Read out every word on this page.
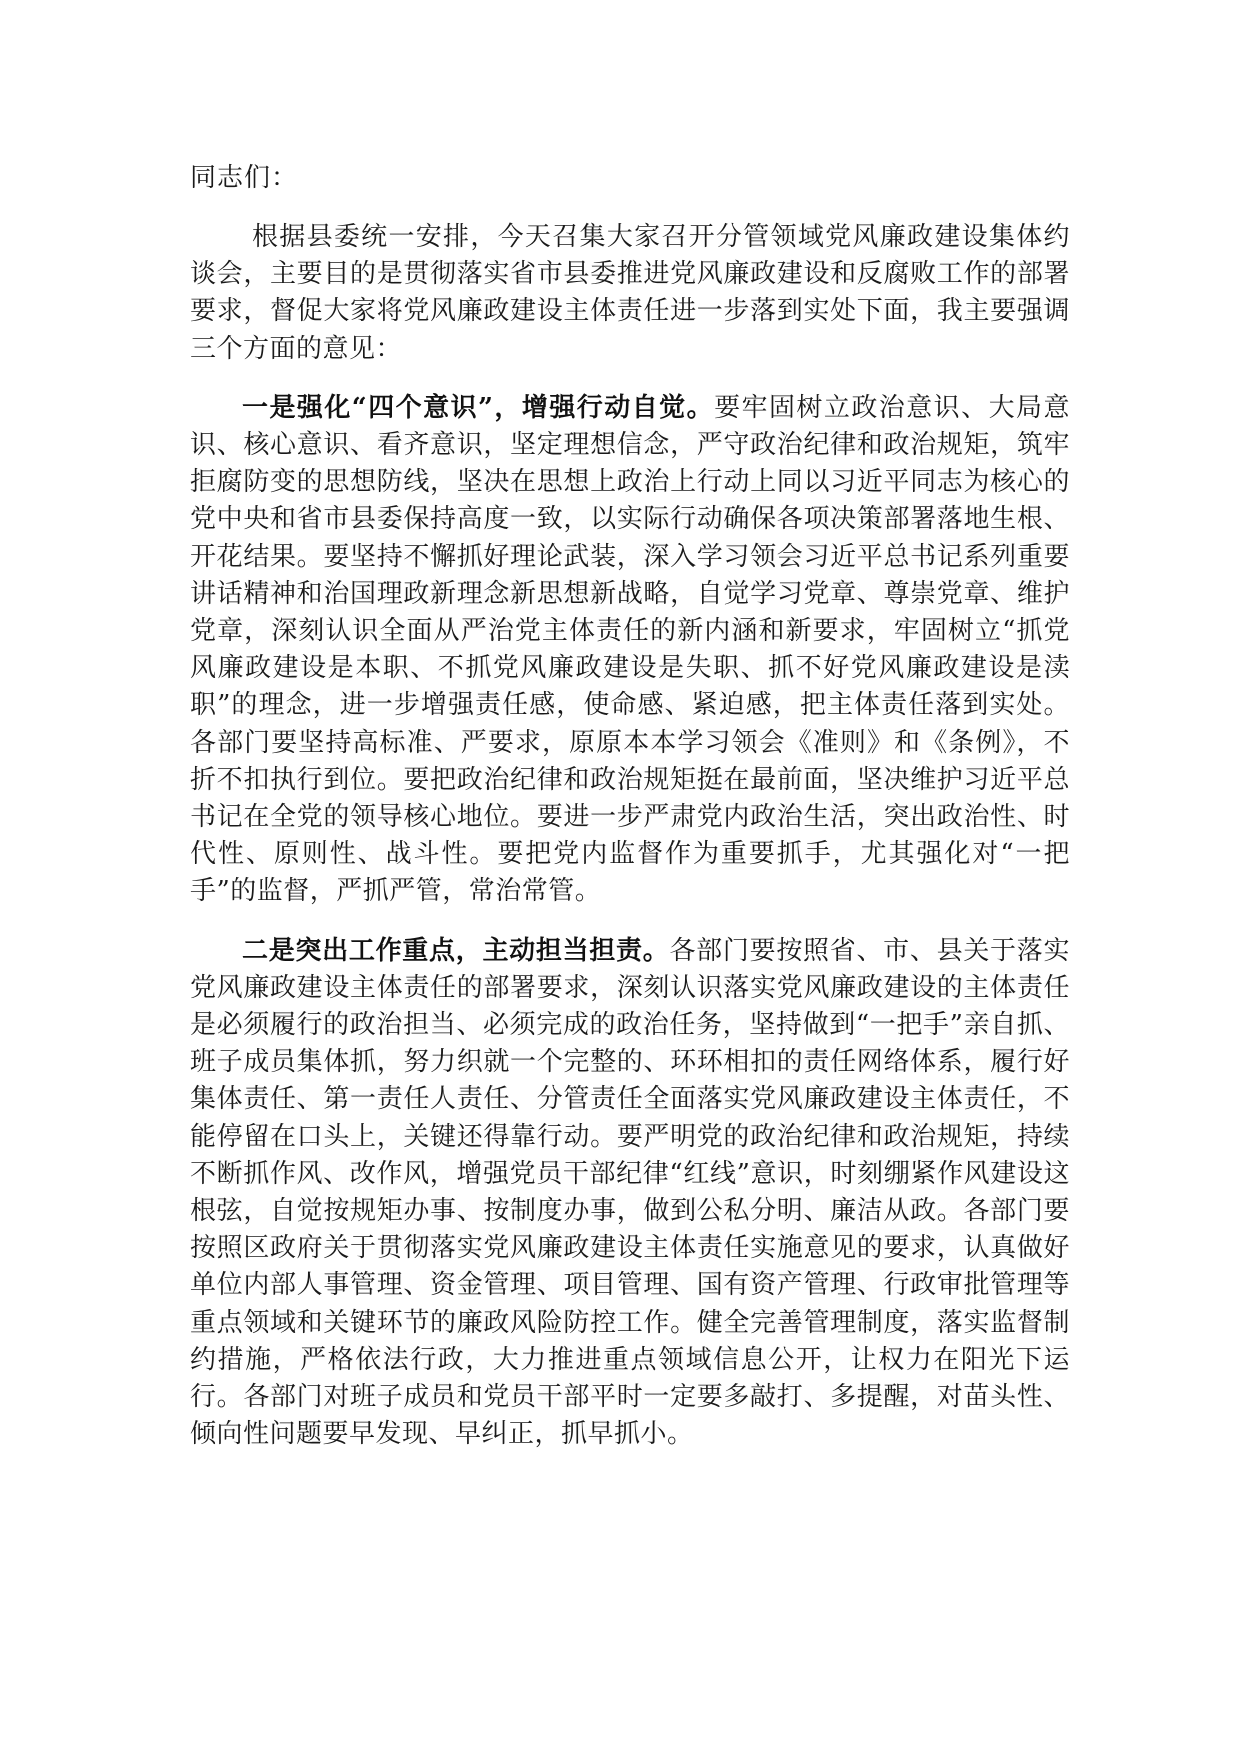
同志们：

根据县委统一安排，今天召集大家召开分管领域党风廉政建设集体约谈会，主要目的是贯彻落实省市县委推进党风廉政建设和反腐败工作的部署要求，督促大家将党风廉政建设主体责任进一步落到实处下面，我主要强调三个方面的意见：

一是强化“四个意识”，增强行动自觉。要牢固树立政治意识、大局意识、核心意识、看齐意识，坚定理想信念，严守政治纪律和政治规矩，筑牢拒腐防变的思想防线，坚决在思想上政治上行动上同以习近平同志为核心的党中央和省市县委保持高度一致，以实际行动确保各项决策部署落地生根、开花结果。要坚持不懈抓好理论武装，深入学习领会习近平总书记系列重要讲话精神和治国理政新理念新思想新战略，自觉学习党章、尊崇党章、维护党章，深刻认识全面从严治党主体责任的新内涵和新要求，牢固树立“抓党风廉政建设是本职、不抓党风廉政建设是失职、抓不好党风廉政建设是渎职”的理念，进一步增强责任感，使命感、紧迫感，把主体责任落到实处。各部门要坚持高标准、严要求，原原本本学习领会《准则》和《条例》，不折不扣执行到位。要把政治纪律和政治规矩挺在最前面，坚决维护习近平总书记在全党的领导核心地位。要进一步严肃党内政治生活，突出政治性、时代性、原则性、战斗性。要把党内监督作为重要抓手，尤其强化对“一把手”的监督，严抓严管，常治常管。

二是突出工作重点，主动担当担责。各部门要按照省、市、县关于落实党风廉政建设主体责任的部署要求，深刻认识落实党风廉政建设的主体责任是必须履行的政治担当、必须完成的政治任务，坚持做到“一把手”亲自抓、班子成员集体抓，努力织就一个完整的、环环相扣的责任网络体系，履行好集体责任、第一责任人责任、分管责任全面落实党风廉政建设主体责任，不能停留在口头上，关键还得靠行动。要严明党的政治纪律和政治规矩，持续不断抓作风、改作风，增强党员干部纪律“红线”意识，时刻绷紧作风建设这根弦，自觉按规矩办事、按制度办事，做到公私分明、廉洁从政。各部门要按照区政府关于贯彻落实党风廉政建设主体责任实施意见的要求，认真做好单位内部人事管理、资金管理、项目管理、国有资产管理、行政审批管理等重点领域和关键环节的廉政风险防控工作。健全完善管理制度，落实监督制约措施，严格依法行政，大力推进重点领域信息公开，让权力在阳光下运行。各部门对班子成员和党员干部平时一定要多敲打、多提醒，对苗头性、倾向性问题要早发现、早纠正，抓早抓小。
